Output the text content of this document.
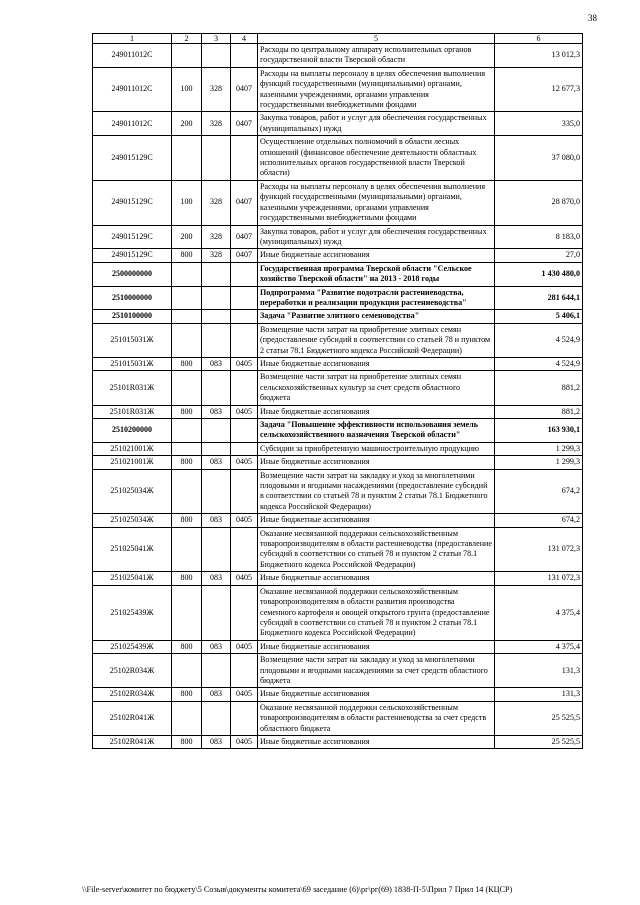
38
1	2	3	4	5	6
249011012С				Расходы по центральному аппарату исполнительных органов государственной власти Тверской области	13 012,3
249011012С	100	328	0407	Расходы на выплаты персоналу в целях обеспечения выполнения функций государственными (муниципальными) органами, казенными учреждениями, органами управления государственными внебюджетными фондами	12 677,3
249011012С	200	328	0407	Закупка товаров, работ и услуг для обеспечения государственных (муниципальных) нужд	335,0
249015129С				Осуществление отдельных полномочий в области лесных отношений (финансовое обеспечение деятельности областных исполнительных органов государственной власти Тверской области)	37 080,0
249015129С	100	328	0407	Расходы на выплаты персоналу в целях обеспечения выполнения функций государственными (муниципальными) органами, казенными учреждениями, органами управления государственными внебюджетными фондами	28 870,0
249015129С	200	328	0407	Закупка товаров, работ и услуг для обеспечения государственных (муниципальных) нужд	8 183,0
249015129С	800	328	0407	Иные бюджетные ассигнования	27,0
2500000000				Государственная программа Тверской области "Сельское хозяйство Тверской области" на 2013 - 2018 годы	1 430 480,0
2510000000				Подпрограмма "Развитие подотрасли растениеводства, переработки и реализации продукции растениеводства"	281 644,1
2510100000				Задача "Развитие элитного семеноводства"	5 406,1
251015031Ж				Возмещение части затрат на приобретение элитных семян (предоставление субсидий в соответствии со статьей 78 и пунктом 2 статьи 78.1 Бюджетного кодекса Российской Федерации)	4 524,9
251015031Ж	800	083	0405	Иные бюджетные ассигнования	4 524,9
25101R031Ж				Возмещение части затрат на приобретение элитных семян сельскохозяйственных культур за счет средств областного бюджета	881,2
25101R031Ж	800	083	0405	Иные бюджетные ассигнования	881,2
2510200000				Задача "Повышение эффективности использования земель сельскохозяйственного назначения Тверской области"	163 930,1
251021001Ж				Субсидии за приобретенную машиностроительную продукцию	1 299,3
251021001Ж	800	083	0405	Иные бюджетные ассигнования	1 299,3
251025034Ж				Возмещение части затрат на закладку и уход за многолетними плодовыми и ягодными насаждениями (предоставление субсидий в соответствии со статьей 78 и пунктом 2 статьи 78.1 Бюджетного кодекса Российской Федерации)	674,2
251025034Ж	800	083	0405	Иные бюджетные ассигнования	674,2
251025041Ж				Оказание несвязанной поддержки сельскохозяйственным товаропроизводителям в области растениеводства (предоставление субсидий в соответствии со статьей 78 и пунктом 2 статьи 78.1 Бюджетного кодекса Российской Федерации)	131 072,3
251025041Ж	800	083	0405	Иные бюджетные ассигнования	131 072,3
251025439Ж				Оказание несвязанной поддержки сельскохозяйственным товаропроизводителям в области развития производства семенного картофеля и овощей открытого грунта (предоставление субсидий в соответствии со статьей 78 и пунктом 2 статьи 78.1 Бюджетного кодекса Российской Федерации)	4 375,4
251025439Ж	800	083	0405	Иные бюджетные ассигнования	4 375,4
25102R034Ж				Возмещение части затрат на закладку и уход за многолетними плодовыми и ягодными насаждениями за счет средств областного бюджета	131,3
25102R034Ж	800	083	0405	Иные бюджетные ассигнования	131,3
25102R041Ж				Оказание несвязанной поддержки сельскохозяйственным товаропроизводителям в области растениеводства за счет средств областного бюджета	25 525,5
25102R041Ж	800	083	0405	Иные бюджетные ассигнования	25 525,5
\\File-server\комитет по бюджету\5 Созыв\документы комитета\69 заседание (6)\рг\рг(69) 1838-П-5\Прил 7 Прил 14 (КЦСР)
